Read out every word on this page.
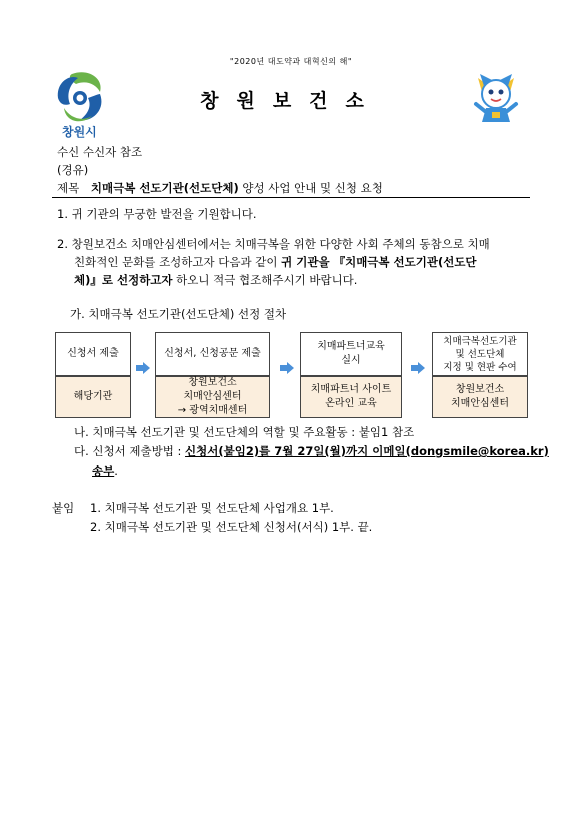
"2020년 대도약과 대혁신의 해"
창원시
창원보건소
수신 수신자 참조
(경유)
제목 치매극복 선도기관(선도단체) 양성 사업 안내 및 신청 요청
1. 귀 기관의 무궁한 발전을 기원합니다.
2. 창원보건소 치매안심센터에서는 치매극복을 위한 다양한 사회 주체의 동참으로 치매
친화적인 문화를 조성하고자 다음과 같이 귀 기관을 『치매극복 선도기관(선도단
체)』로 선정하고자 하오니 적극 협조해주시기 바랍니다.
가. 치매극복 선도기관(선도단체) 선정 절차
신청서 제출
해당기관
신청서, 신청공문 제출
창원보건소
치매안심센터
→ 광역치매센터
치매파트너교육
실시
치매파트너 사이트
온라인 교육
치매극복선도기관
및 선도단체
지정 및 현판 수여
창원보건소
치매안심센터
나. 치매극복 선도기관 및 선도단체의 역할 및 주요활동 : 붙임1 참조
다. 신청서 제출방법 : 신청서(붙임2)를 7월 27일(월)까지 이메일(dongsmile@korea.kr)
송부.
붙임 1. 치매극복 선도기관 및 선도단체 사업개요 1부.
2. 치매극복 선도기관 및 선도단체 신청서(서식) 1부. 끝.
